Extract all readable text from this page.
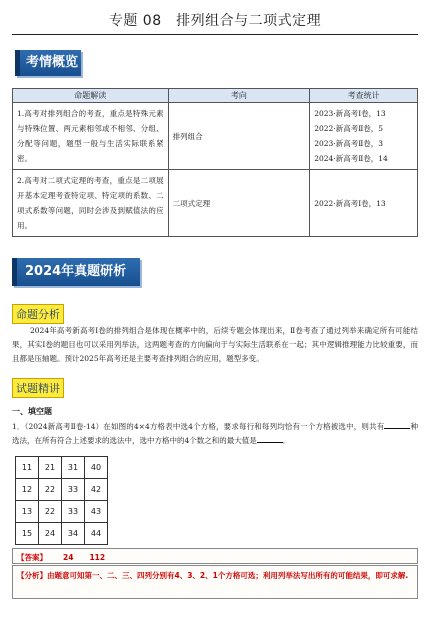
专题 08　排列组合与二项式定理
考情概览
命题解读	考向	考查统计
1.高考对排列组合的考查，重点是特殊元素与特殊位置、两元素相邻或不相邻、分组、分配等问题，题型一般与生活实际联系紧密。	排列组合	2023·新高考Ⅰ卷，13
2022·新高考Ⅱ卷，5
2023·新高考Ⅱ卷，3
2024·新高考Ⅱ卷，14

2.高考对二项式定理的考查，重点是二项展开基本定理考查特定项、特定项的系数、二项式系数等问题，同时会涉及到赋值法的应用。	二项式定理	2022·新高考Ⅰ卷，13
2024年真题研析
命题分析
2024年高考新高考Ⅰ卷的排列组合是体现在概率中的，后续专题会体现出来，Ⅱ卷考查了通过列举来确定所有可能结果，其实Ⅰ卷的题目也可以采用列举法，这两题考查的方向偏向于与实际生活联系在一起；其中逻辑推理能力比较重要，而且都是压轴题。预计2025年高考还是主要考查排列组合的应用，题型多变。
试题精讲
一、填空题
1．（2024新高考Ⅱ卷·14）在如图的4×4方格表中选4个方格，要求每行和每列均恰有一个方格被选中，则共有	种选法，在所有符合上述要求的选法中，选中方格中的4个数之和的最大值是	．
11	21	31	40
12	22	33	42
13	22	33	43
15	24	34	44
【答案】 24 112
【分析】由题意可知第一、二、三、四列分别有4、3、2、1个方格可选；利用列举法写出所有的可能结果，即可求解.
